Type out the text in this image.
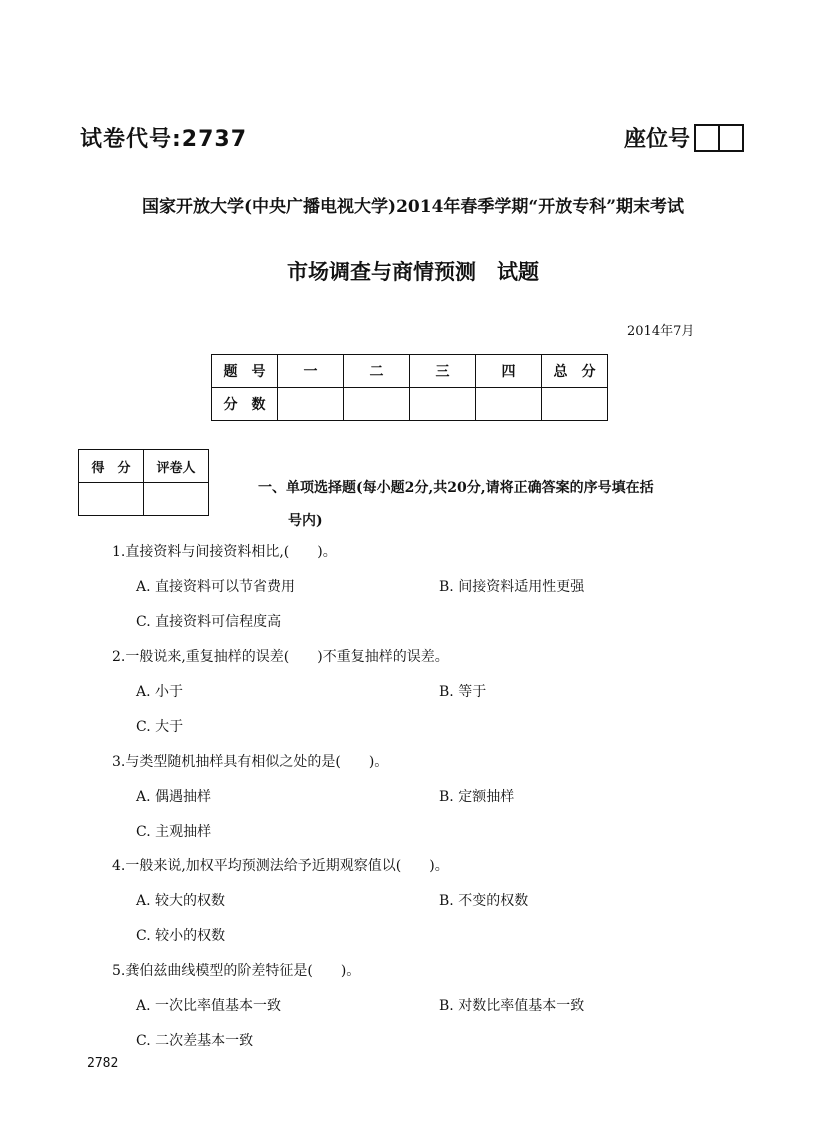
试卷代号:2737	座位号
国家开放大学(中央广播电视大学)2014年春季学期“开放专科”期末考试
市场调查与商情预测　试题
2014年7月
题　号	一	二	三	四	总　分
分　数					
得　分	评卷人

一、单项选择题(每小题2分,共20分,请将正确答案的序号填在括
号内)
1.直接资料与间接资料相比,(　　)。
A. 直接资料可以节省费用	B. 间接资料适用性更强
C. 直接资料可信程度高
2.一般说来,重复抽样的误差(　　)不重复抽样的误差。
A. 小于	B. 等于
C. 大于
3.与类型随机抽样具有相似之处的是(　　)。
A. 偶遇抽样	B. 定额抽样
C. 主观抽样
4.一般来说,加权平均预测法给予近期观察值以(　　)。
A. 较大的权数	B. 不变的权数
C. 较小的权数
5.龚伯兹曲线模型的阶差特征是(　　)。
A. 一次比率值基本一致	B. 对数比率值基本一致
C. 二次差基本一致
2782
